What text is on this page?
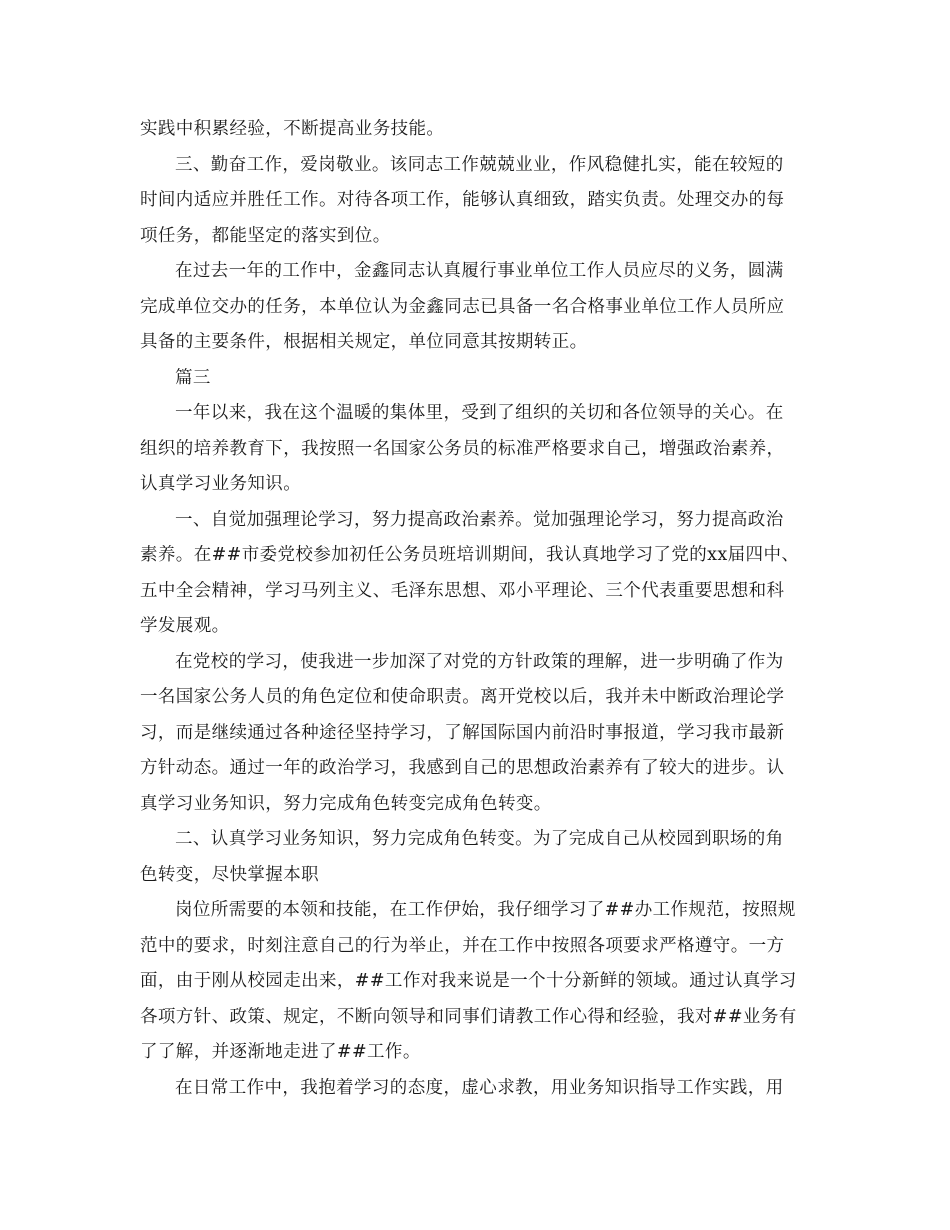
实践中积累经验，不断提高业务技能。
三、勤奋工作，爱岗敬业。该同志工作兢兢业业，作风稳健扎实，能在较短的
时间内适应并胜任工作。对待各项工作，能够认真细致，踏实负责。处理交办的每
项任务，都能坚定的落实到位。
在过去一年的工作中，金鑫同志认真履行事业单位工作人员应尽的义务，圆满
完成单位交办的任务，本单位认为金鑫同志已具备一名合格事业单位工作人员所应
具备的主要条件，根据相关规定，单位同意其按期转正。
篇三
一年以来，我在这个温暖的集体里，受到了组织的关切和各位领导的关心。在
组织的培养教育下，我按照一名国家公务员的标准严格要求自己，增强政治素养，
认真学习业务知识。
一、自觉加强理论学习，努力提高政治素养。觉加强理论学习，努力提高政治
素养。在##市委党校参加初任公务员班培训期间，我认真地学习了党的xx届四中、
五中全会精神，学习马列主义、毛泽东思想、邓小平理论、三个代表重要思想和科
学发展观。
在党校的学习，使我进一步加深了对党的方针政策的理解，进一步明确了作为
一名国家公务人员的角色定位和使命职责。离开党校以后，我并未中断政治理论学
习，而是继续通过各种途径坚持学习，了解国际国内前沿时事报道，学习我市最新
方针动态。通过一年的政治学习，我感到自己的思想政治素养有了较大的进步。认
真学习业务知识，努力完成角色转变完成角色转变。
二、认真学习业务知识，努力完成角色转变。为了完成自己从校园到职场的角
色转变，尽快掌握本职
岗位所需要的本领和技能，在工作伊始，我仔细学习了##办工作规范，按照规
范中的要求，时刻注意自己的行为举止，并在工作中按照各项要求严格遵守。一方
面，由于刚从校园走出来，##工作对我来说是一个十分新鲜的领域。通过认真学习
各项方针、政策、规定，不断向领导和同事们请教工作心得和经验，我对##业务有
了了解，并逐渐地走进了##工作。
在日常工作中，我抱着学习的态度，虚心求教，用业务知识指导工作实践，用
